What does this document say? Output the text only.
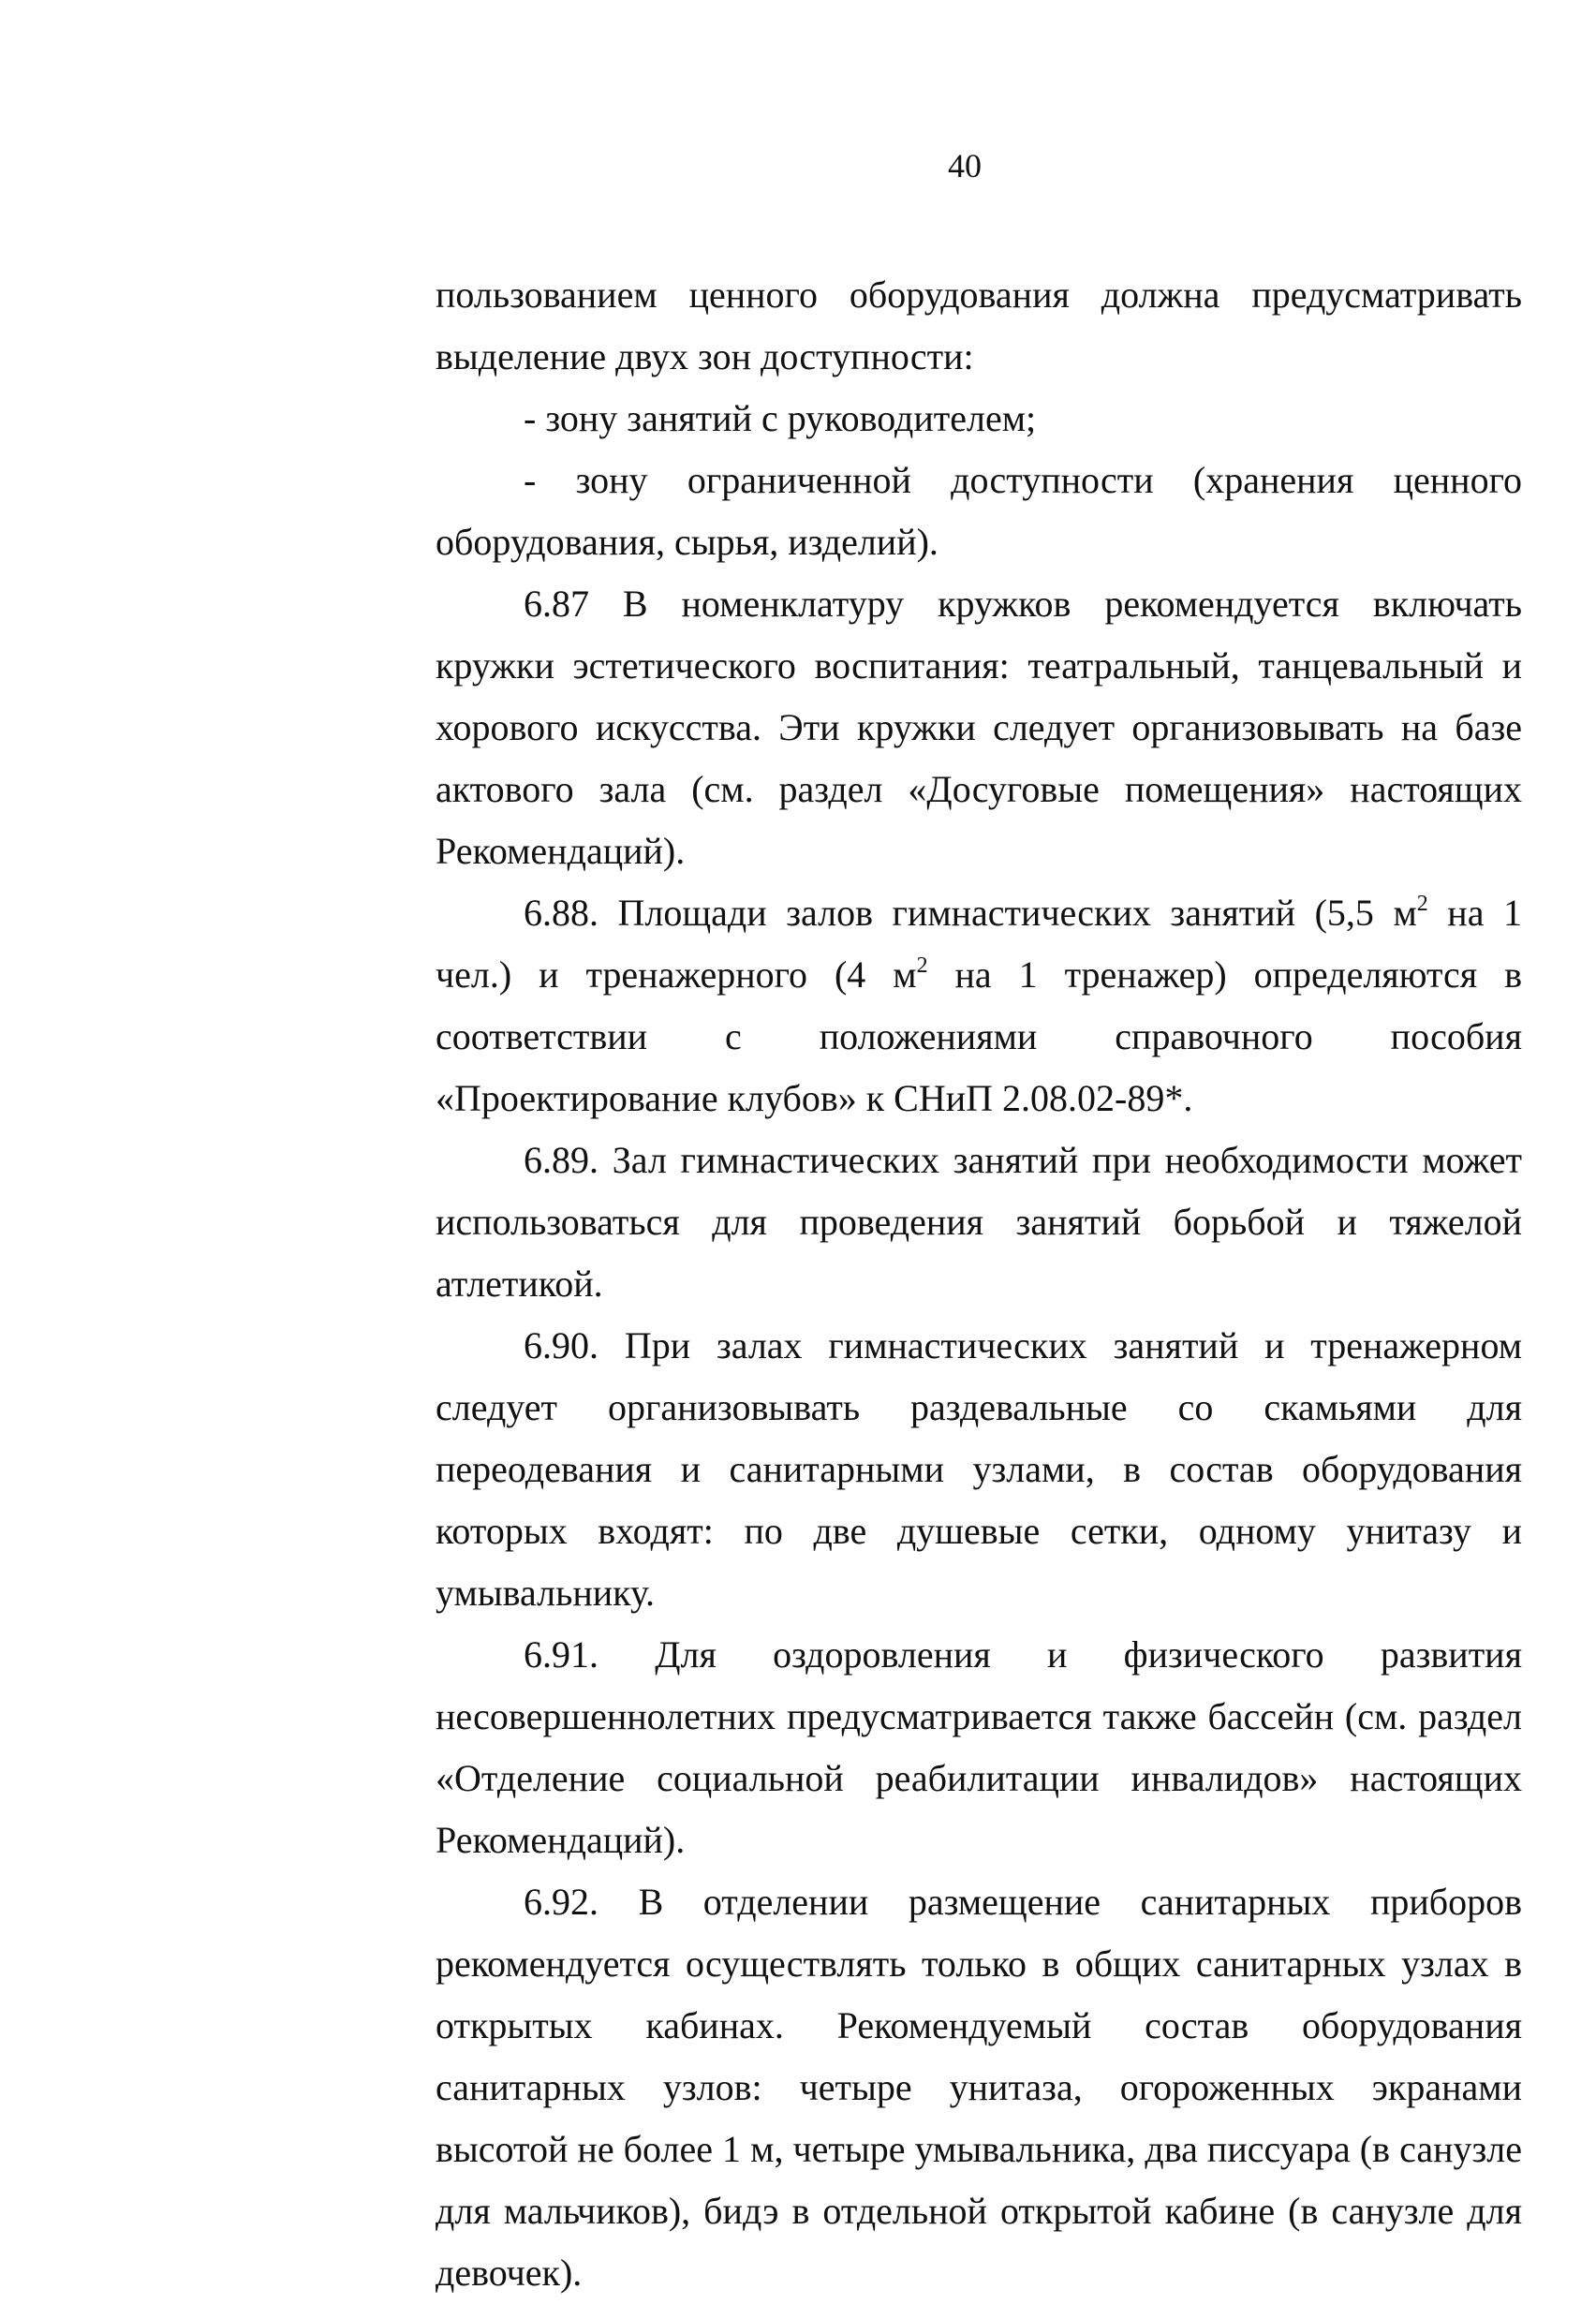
40

пользованием ценного оборудования должна предусматривать выделение двух зон доступности:

- зону занятий с руководителем;

- зону ограниченной доступности (хранения ценного оборудования, сырья, изделий).

6.87 В номенклатуру кружков рекомендуется включать кружки эстетического воспитания: театральный, танцевальный и хорового искусства. Эти кружки следует организовывать на базе актового зала (см. раздел «Досуговые помещения» настоящих Рекомендаций).

6.88. Площади залов гимнастических занятий (5,5 $м^2$ на 1 чел.) и тренажерного (4 $м^2$ на 1 тренажер) определяются в соответствии с положениями справочного пособия «Проектирование клубов» к СНиП 2.08.02-89*.

6.89. Зал гимнастических занятий при необходимости может использоваться для проведения занятий борьбой и тяжелой атлетикой.

6.90. При залах гимнастических занятий и тренажерном следует организовывать раздевальные со скамьями для переодевания и санитарными узлами, в состав оборудования которых входят: по две душевые сетки, одному унитазу и умывальнику.

6.91. Для оздоровления и физического развития несовершеннолетних предусматривается также бассейн (см. раздел «Отделение социальной реабилитации инвалидов» настоящих Рекомендаций).

6.92. В отделении размещение санитарных приборов рекомендуется осуществлять только в общих санитарных узлах в открытых кабинах. Рекомендуемый состав оборудования санитарных узлов: четыре унитаза, огороженных экранами высотой не более 1 м, четыре умывальника, два писсуара (в санузле для мальчиков), бидэ в отдельной открытой кабине (в санузле для девочек).
